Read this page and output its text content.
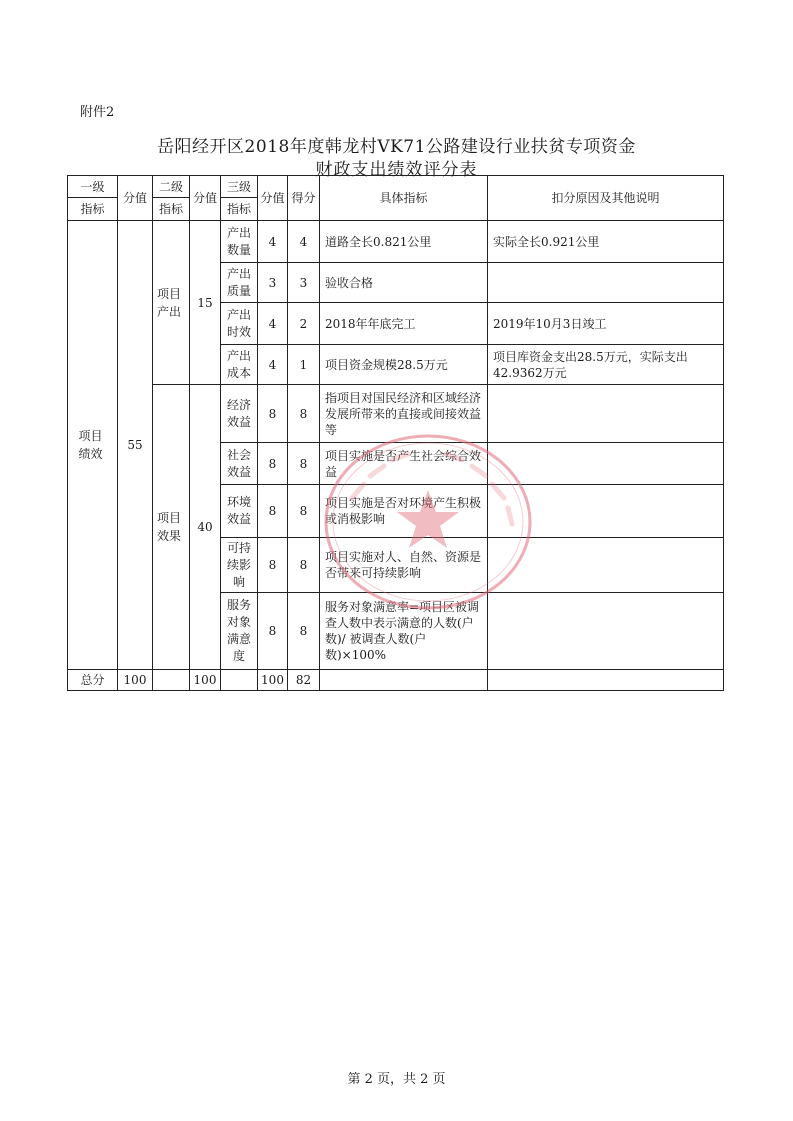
附件2
岳阳经开区2018年度韩龙村VK71公路建设行业扶贫专项资金
财政支出绩效评分表
一级	分值	二级	分值	三级	分值	得分	具体指标	扣分原因及其他说明
指标		指标		指标				
项目绩效	55	项目产出	15	产出数量	4	4	道路全长0.821公里	实际全长0.921公里
				产出质量	3	3	验收合格	
				产出时效	4	2	2018年年底完工	2019年10月3日竣工
				产出成本	4	1	项目资金规模28.5万元	项目库资金支出28.5万元，实际支出42.9362万元
		项目效果	40	经济效益	8	8	指项目对国民经济和区域经济发展所带来的直接或间接效益等	
				社会效益	8	8	项目实施是否产生社会综合效益	
				环境效益	8	8	项目实施是否对环境产生积极或消极影响	
				可持续影响	8	8	项目实施对人、自然、资源是否带来可持续影响	
				服务对象满意度	8	8	服务对象满意率=项目区被调查人数中表示满意的人数(户数)/ 被调查人数(户数)×100%	
总分	100		100		100	82		
第 2 页，共 2 页
